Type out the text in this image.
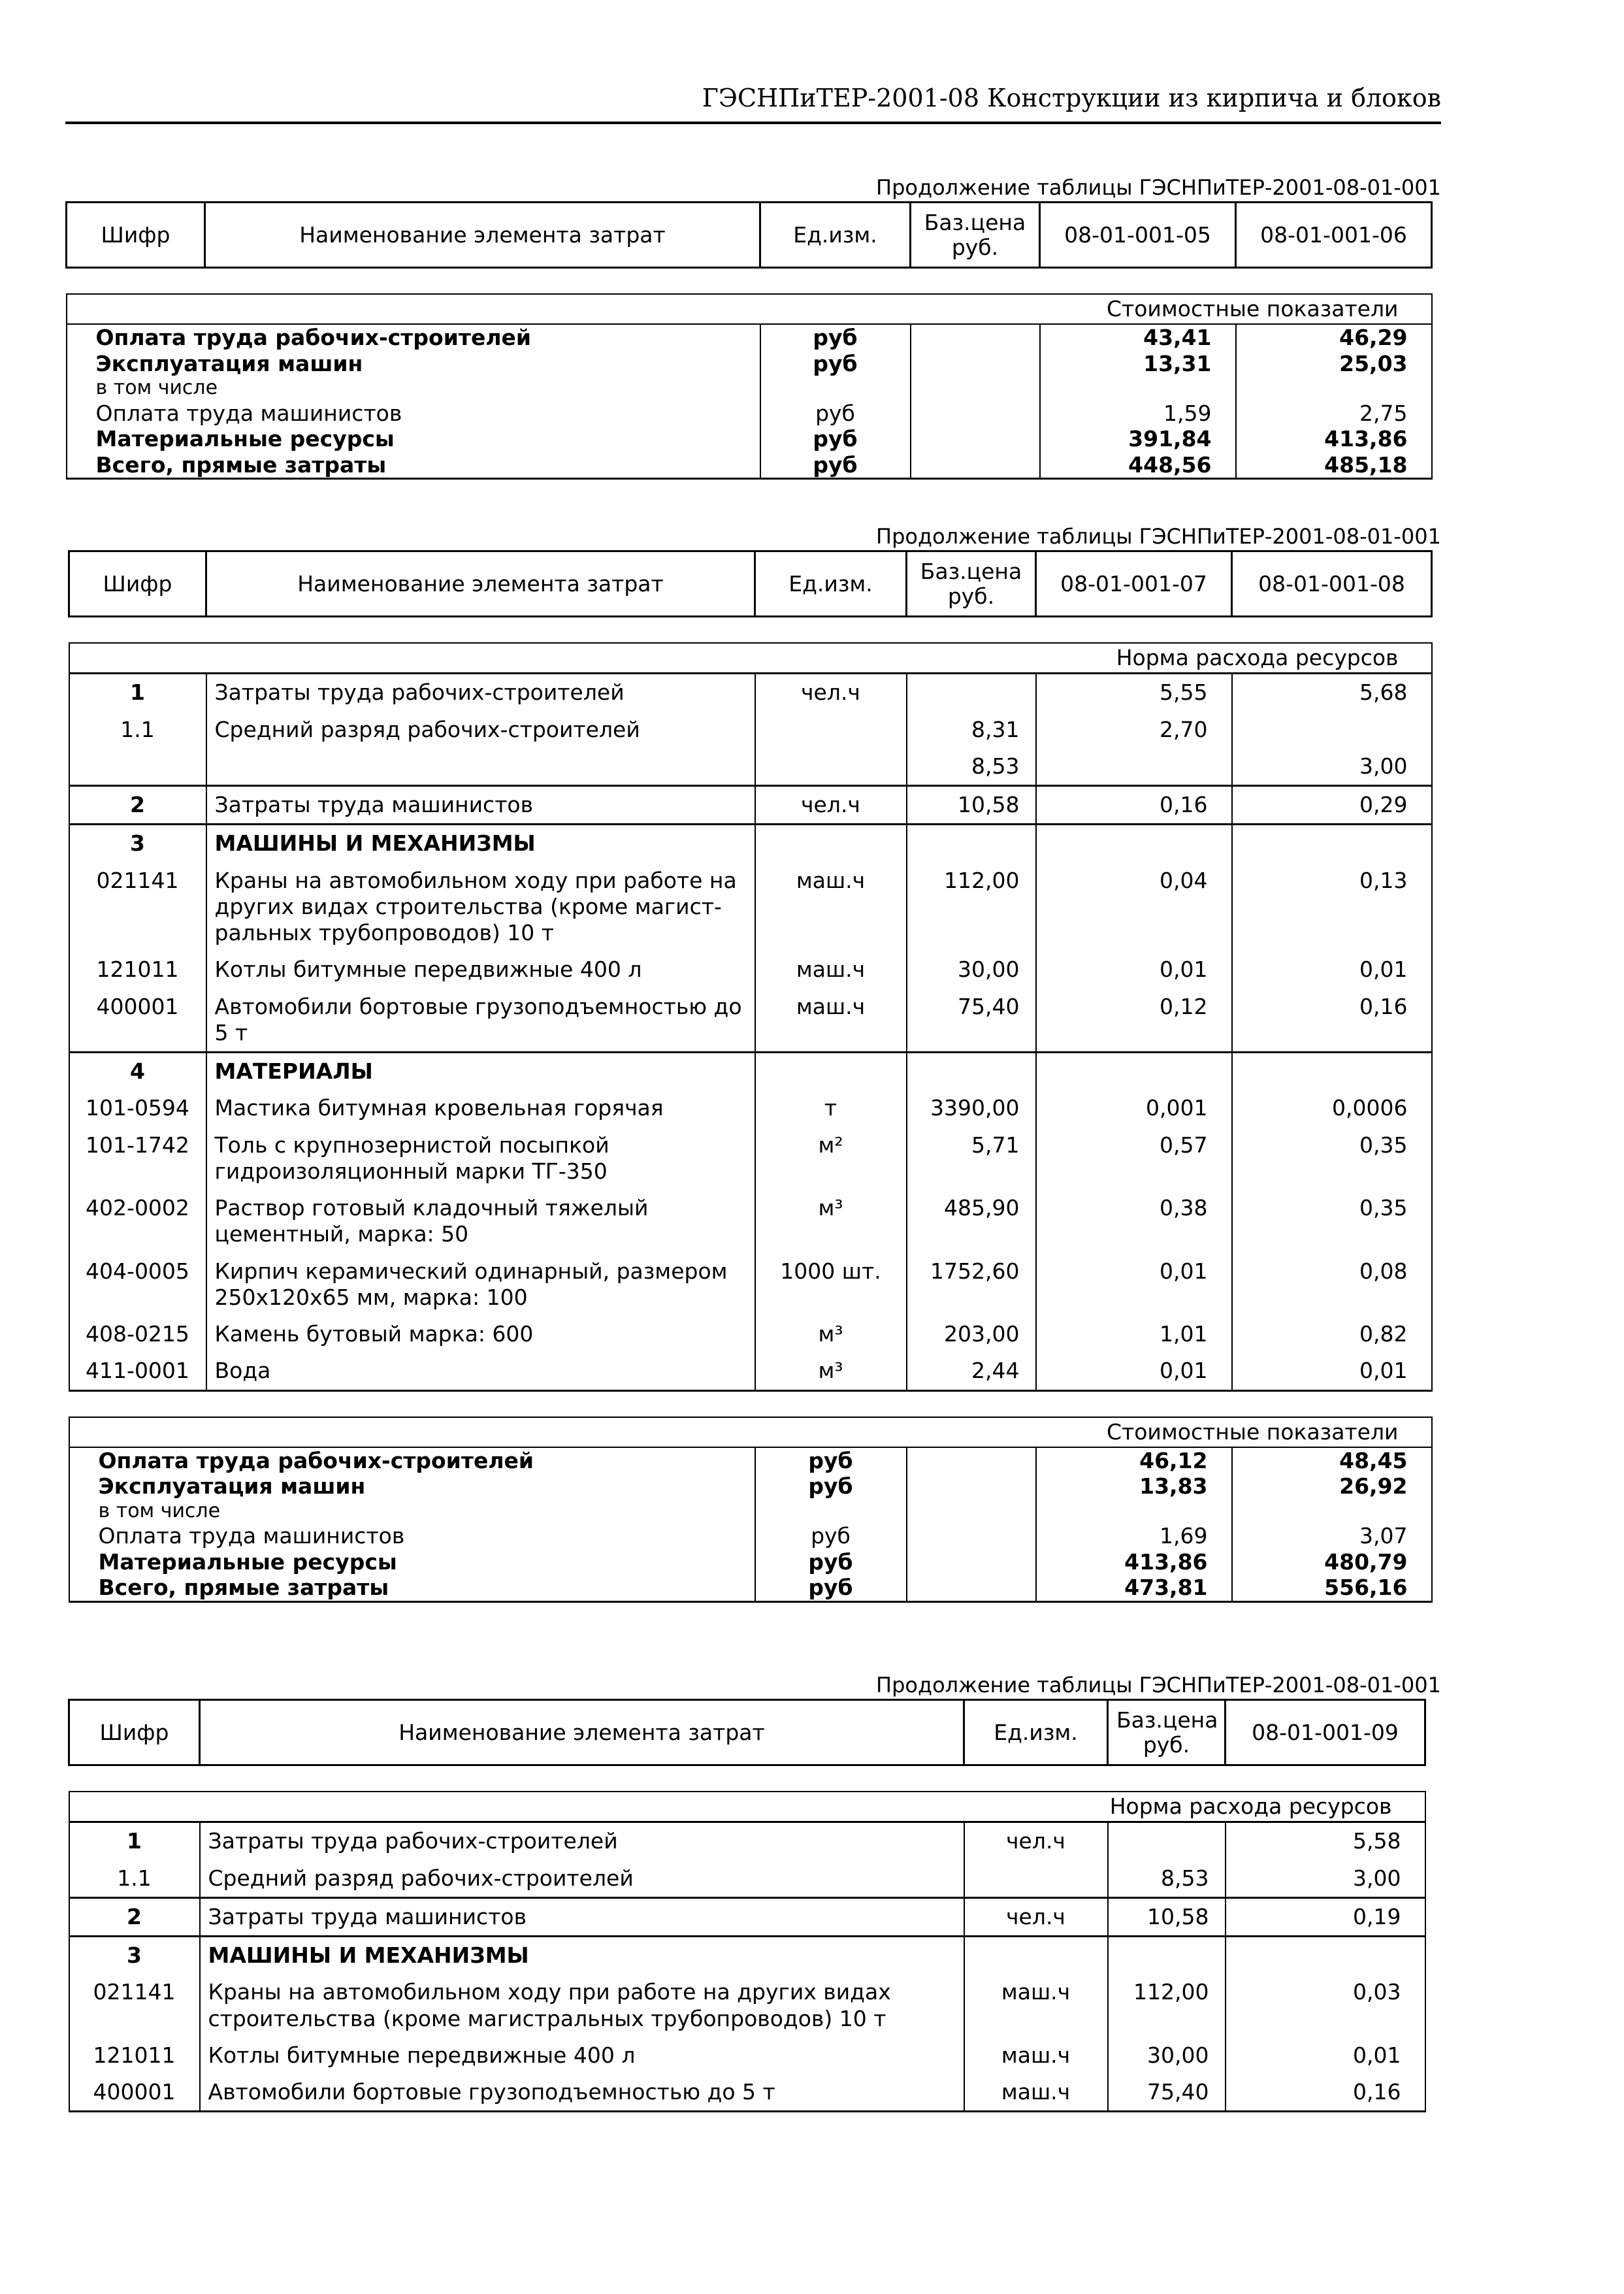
ГЭСНПиТЕР-2001-08 Конструкции из кирпича и блоков
Продолжение таблицы ГЭСНПиТЕР-2001-08-01-001
Шифр	Наименование элемента затрат	Ед.изм.	Баз.цена руб.	08-01-001-05	08-01-001-06

Стоимостные показатели					
Оплата труда рабочих-строителей		руб		43,41	46,29
Эксплуатация машин		руб		13,31	25,03
в том числе					
Оплата труда машинистов		руб		1,59	2,75
Материальные ресурсы		руб		391,84	413,86
Всего, прямые затраты		руб		448,56	485,18
Продолжение таблицы ГЭСНПиТЕР-2001-08-01-001
Шифр	Наименование элемента затрат	Ед.изм.	Баз.цена руб.	08-01-001-07	08-01-001-08

Норма расхода ресурсов					
1	Затраты труда рабочих-строителей	чел.ч		5,55	5,68
1.1	Средний разряд рабочих-строителей		8,31	2,70	
			8,53		3,00
2	Затраты труда машинистов	чел.ч	10,58	0,16	0,29
3	МАШИНЫ И МЕХАНИЗМЫ				
021141	Краны на автомобильном ходу при работе на других видах строительства (кроме магист-ральных трубопроводов) 10 т	маш.ч	112,00	0,04	0,13
121011	Котлы битумные передвижные 400 л	маш.ч	30,00	0,01	0,01
400001	Автомобили бортовые грузоподъемностью до 5 т	маш.ч	75,40	0,12	0,16
4	МАТЕРИАЛЫ				
101-0594	Мастика битумная кровельная горячая	т	3390,00	0,001	0,0006
101-1742	Толь с крупнозернистой посыпкой гидроизоляционный марки ТГ-350	м²	5,71	0,57	0,35
402-0002	Раствор готовый кладочный тяжелый цементный, марка: 50	м³	485,90	0,38	0,35
404-0005	Кирпич керамический одинарный, размером 250х120х65 мм, марка: 100	1000 шт.	1752,60	0,01	0,08
408-0215	Камень бутовый марка: 600	м³	203,00	1,01	0,82
411-0001	Вода	м³	2,44	0,01	0,01

Стоимостные показатели					
Оплата труда рабочих-строителей		руб		46,12	48,45
Эксплуатация машин		руб		13,83	26,92
в том числе					
Оплата труда машинистов		руб		1,69	3,07
Материальные ресурсы		руб		413,86	480,79
Всего, прямые затраты		руб		473,81	556,16
Продолжение таблицы ГЭСНПиТЕР-2001-08-01-001
Шифр	Наименование элемента затрат	Ед.изм.	Баз.цена руб.	08-01-001-09

Норма расхода ресурсов				
1	Затраты труда рабочих-строителей	чел.ч		5,58
1.1	Средний разряд рабочих-строителей		8,53	3,00
2	Затраты труда машинистов	чел.ч	10,58	0,19
3	МАШИНЫ И МЕХАНИЗМЫ			
021141	Краны на автомобильном ходу при работе на других видах строительства (кроме магистральных трубопроводов) 10 т	маш.ч	112,00	0,03
121011	Котлы битумные передвижные 400 л	маш.ч	30,00	0,01
400001	Автомобили бортовые грузоподъемностью до 5 т	маш.ч	75,40	0,16
